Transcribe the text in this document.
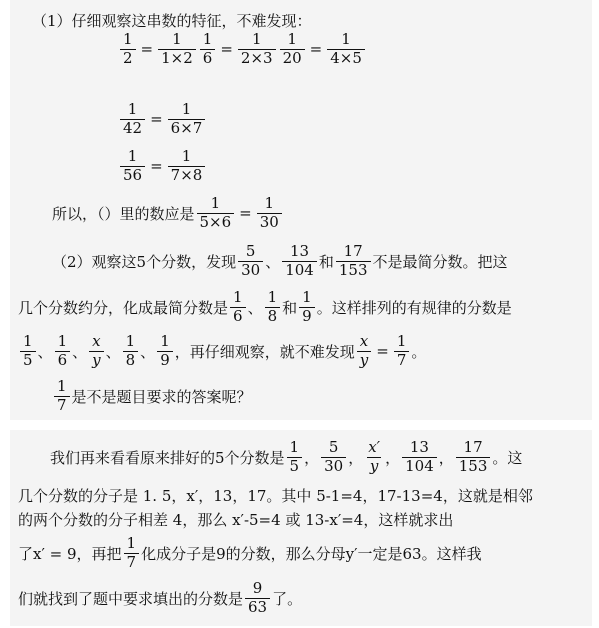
（1）仔细观察这串数的特征，不难发现：
$\frac{1}{2} = \frac{1}{1\times 2} \frac{1}{6} = \frac{1}{2\times 3} \frac{1}{20} = \frac{1}{4\times 5}$
$\frac{1}{42} = \frac{1}{6\times 7}$
$\frac{1}{56} = \frac{1}{7\times 8}$
所以，（）里的数应是 $\frac{1}{5\times 6} = \frac{1}{30}$
（2）观察这5个分数，发现 $\frac{5}{30}$ 、 $\frac{13}{104}$ 和 $\frac{17}{153}$ 不是最简分数。把这
几个分数约分，化成最简分数是 $\frac{1}{6}$ 、 $\frac{1}{8}$ 和 $\frac{1}{9}$ 。这样排列的有规律的分数是
$\frac{1}{5}$ 、 $\frac{1}{6}$ 、 $\frac{x}{y}$ 、 $\frac{1}{8}$ 、 $\frac{1}{9}$ ，再仔细观察，就不难发现 $\frac{x}{y} = \frac{1}{7}$ 。
$\frac{1}{7}$ 是不是题目要求的答案呢？
我们再来看看原来排好的5个分数是 $\frac{1}{5}$ ， $\frac{5}{30}$ ， $\frac{x'}{y}$ ， $\frac{13}{104}$ ， $\frac{17}{153}$ 。这
几个分数的分子是 1. 5，x′，13，17。其中 5-1=4，17-13=4，这就是相邻
的两个分数的分子相差 4，那么 x′-5=4 或 13-x′=4，这样就求出
了x′ = 9，再把 $\frac{1}{7}$ 化成分子是9的分数，那么分母y′一定是63。这样我
们就找到了题中要求填出的分数是 $\frac{9}{63}$ 了。
